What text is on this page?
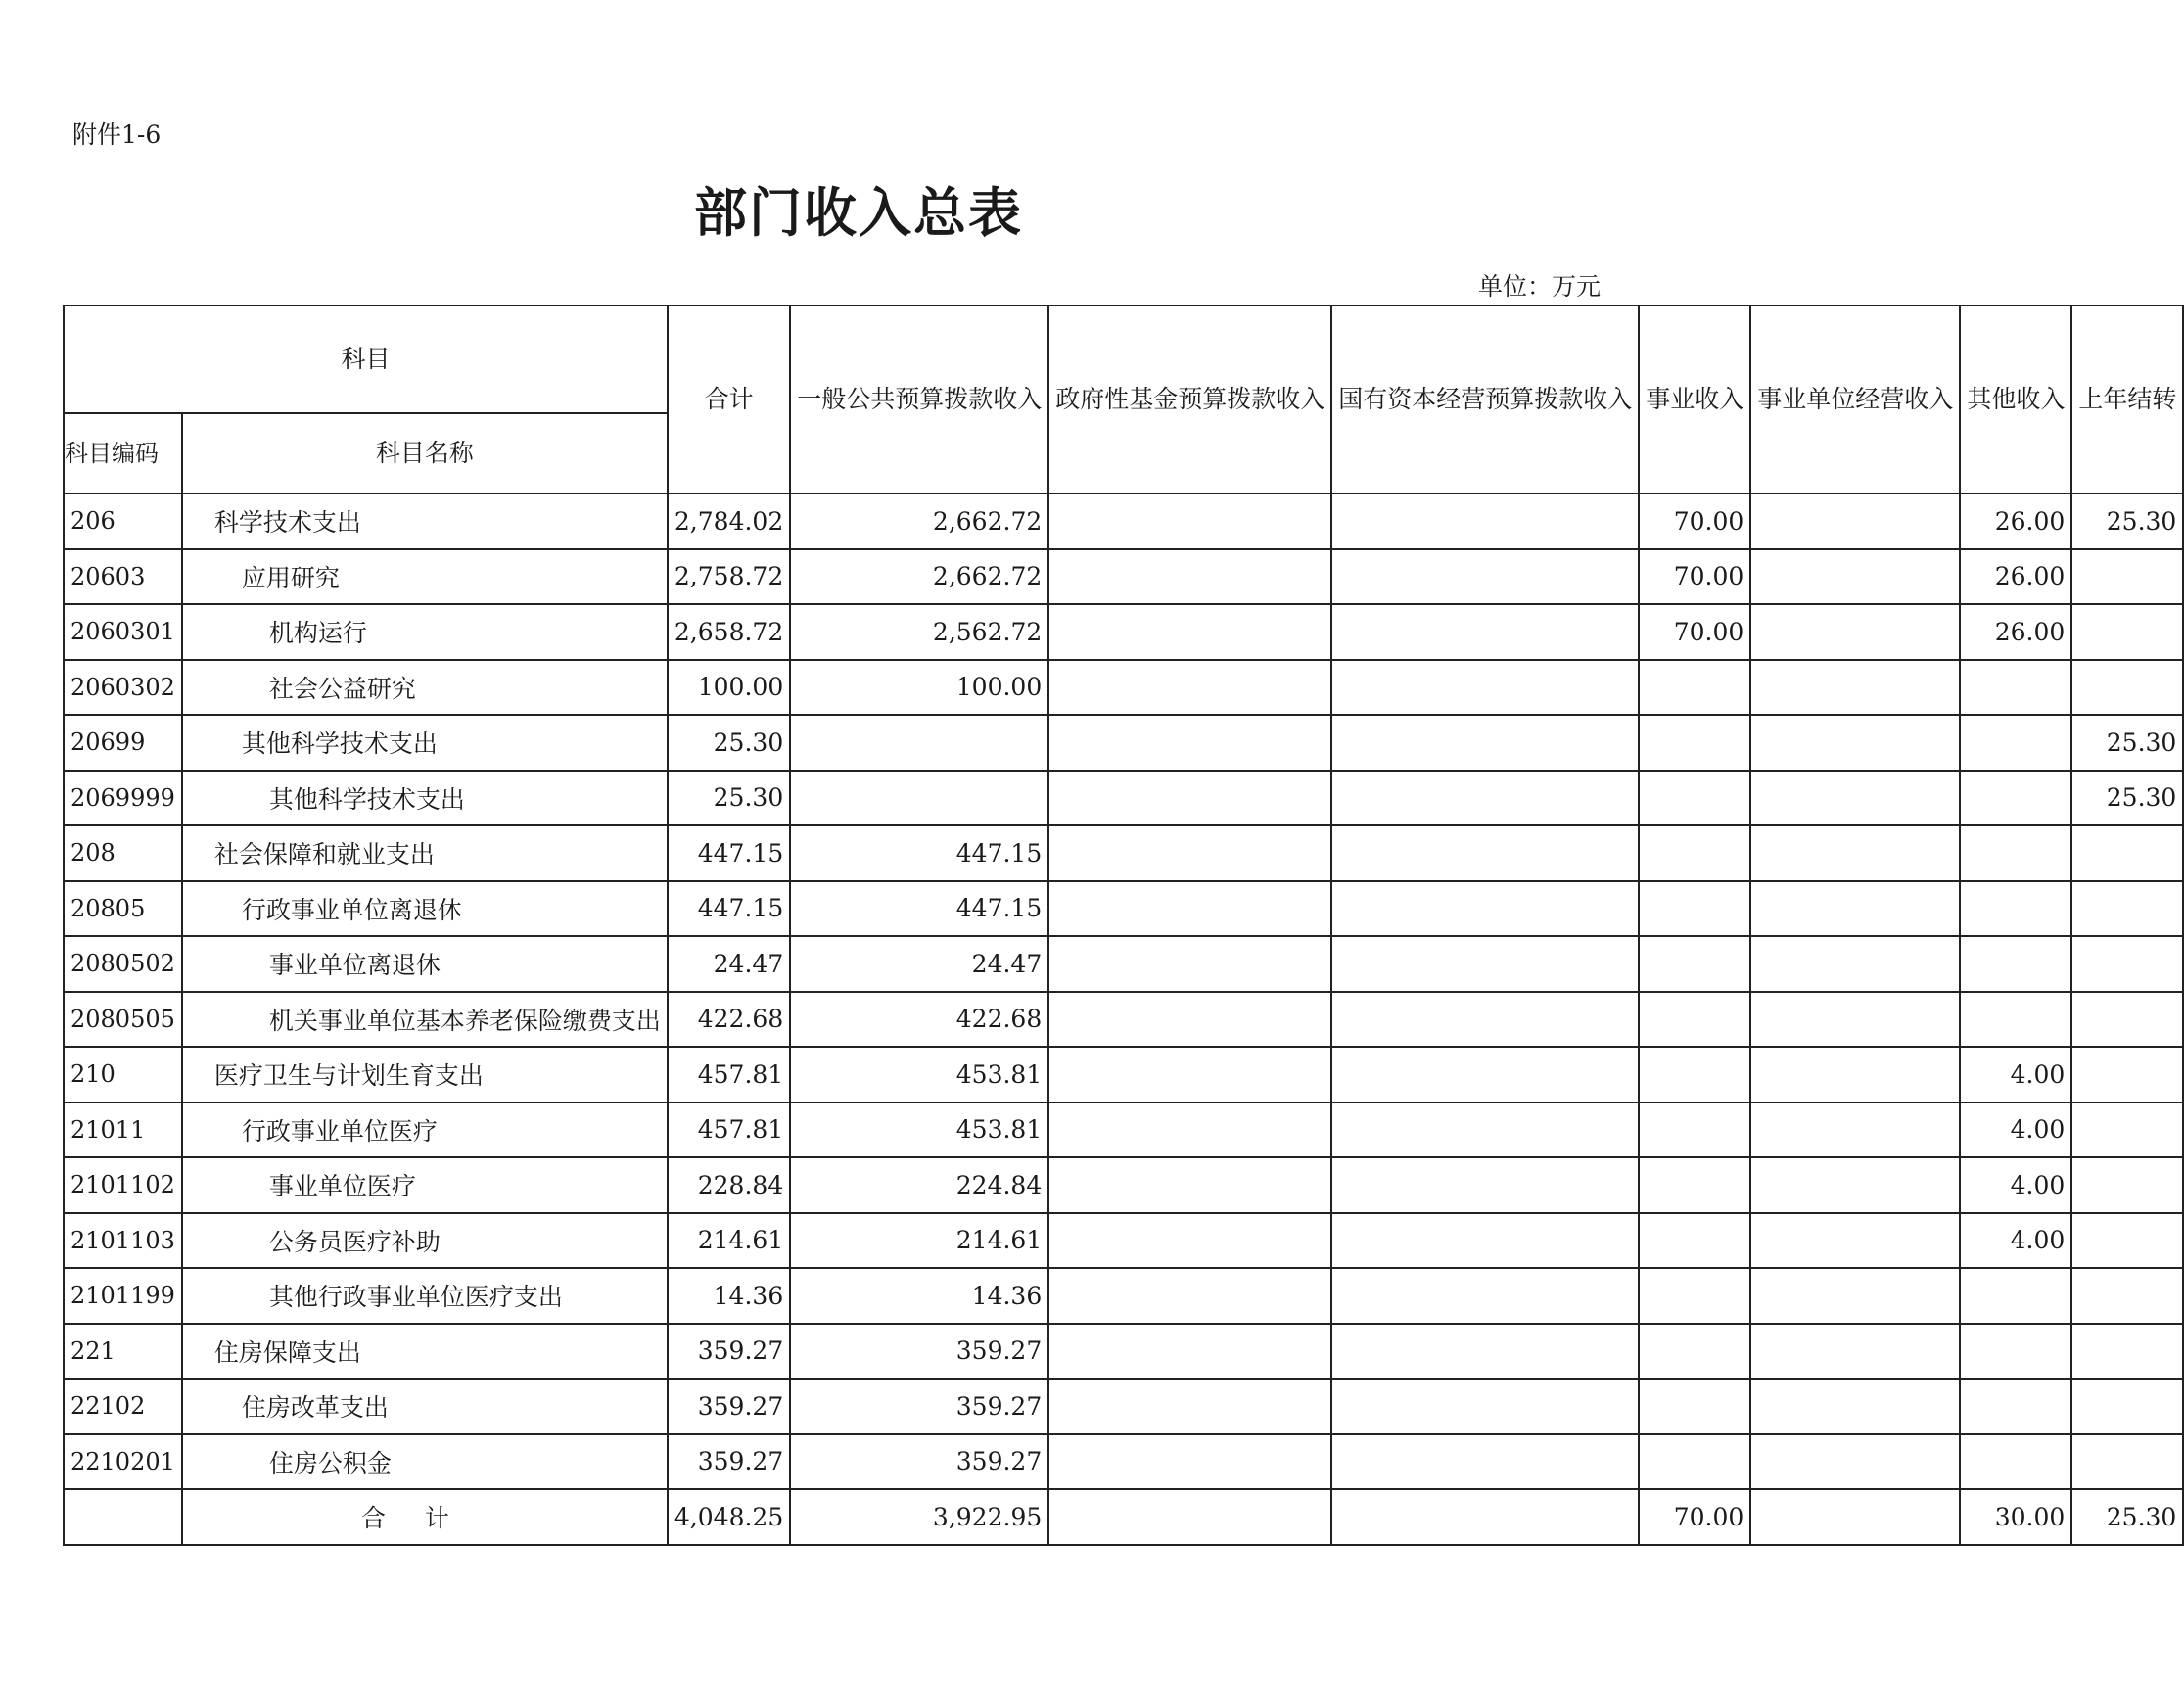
附件1-6
部门收入总表
单位：万元
科目		合计	一般公共预算拨款收入	政府性基金预算拨款收入	国有资本经营预算拨款收入	事业收入	事业单位经营收入	其他收入	上年结转
科目编码	科目名称								
206	科学技术支出	2,784.02	2,662.72			70.00		26.00	25.30
20603	应用研究	2,758.72	2,662.72			70.00		26.00	
2060301	机构运行	2,658.72	2,562.72			70.00		26.00	
2060302	社会公益研究	100.00	100.00						
20699	其他科学技术支出	25.30							25.30
2069999	其他科学技术支出	25.30							25.30
208	社会保障和就业支出	447.15	447.15						
20805	行政事业单位离退休	447.15	447.15						
2080502	事业单位离退休	24.47	24.47						
2080505	机关事业单位基本养老保险缴费支出	422.68	422.68						
210	医疗卫生与计划生育支出	457.81	453.81					4.00	
21011	行政事业单位医疗	457.81	453.81					4.00	
2101102	事业单位医疗	228.84	224.84					4.00	
2101103	公务员医疗补助	214.61	214.61					4.00	
2101199	其他行政事业单位医疗支出	14.36	14.36						
221	住房保障支出	359.27	359.27						
22102	住房改革支出	359.27	359.27						
2210201	住房公积金	359.27	359.27						
	合计	4,048.25	3,922.95			70.00		30.00	25.30
